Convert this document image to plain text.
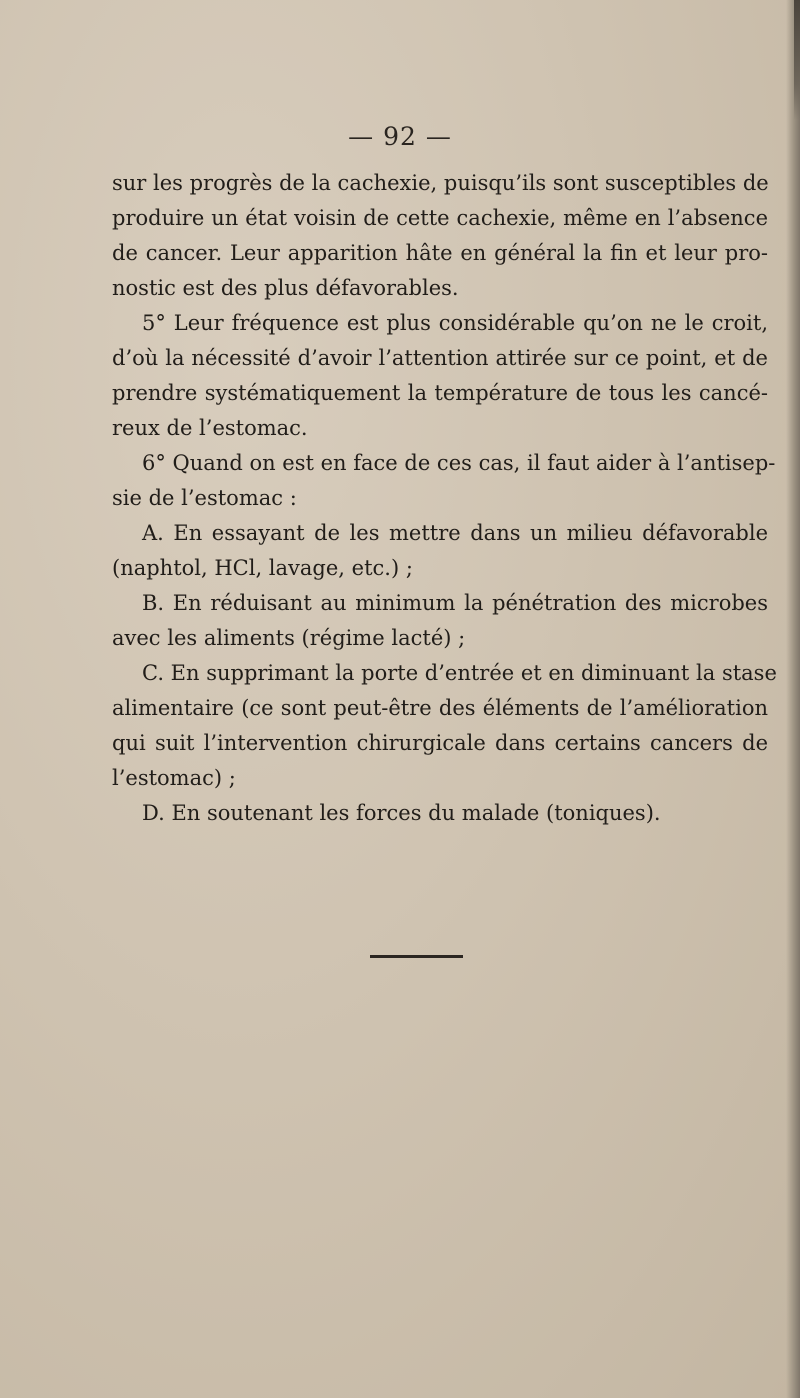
— 92 —
sur les progrès de la cachexie, puisqu’ils sont susceptibles de
produire un état voisin de cette cachexie, même en l’absence
de cancer. Leur apparition hâte en général la fin et leur pro-
nostic est des plus défavorables.
5° Leur fréquence est plus considérable qu’on ne le croit,
d’où la nécessité d’avoir l’attention attirée sur ce point, et de
prendre systématiquement la température de tous les cancé-
reux de l’estomac.
6° Quand on est en face de ces cas, il faut aider à l’antisep-
sie de l’estomac :
A. En essayant de les mettre dans un milieu défavorable
(naphtol, HCl, lavage, etc.) ;
B. En réduisant au minimum la pénétration des microbes
avec les aliments (régime lacté) ;
C. En supprimant la porte d’entrée et en diminuant la stase
alimentaire (ce sont peut-être des éléments de l’amélioration
qui suit l’intervention chirurgicale dans certains cancers de
l’estomac) ;
D. En soutenant les forces du malade (toniques).
